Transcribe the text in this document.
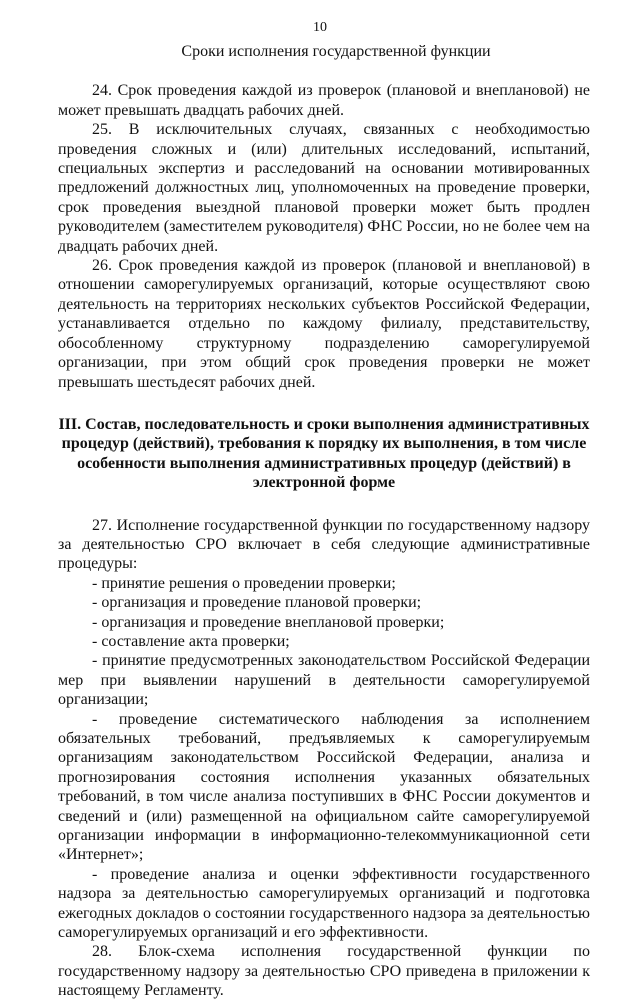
10

Сроки исполнения государственной функции

24. Срок проведения каждой из проверок (плановой и внеплановой) не может превышать двадцать рабочих дней.

25. В исключительных случаях, связанных с необходимостью проведения сложных и (или) длительных исследований, испытаний, специальных экспертиз и расследований на основании мотивированных предложений должностных лиц, уполномоченных на проведение проверки, срок проведения выездной плановой проверки может быть продлен руководителем (заместителем руководителя) ФНС России, но не более чем на двадцать рабочих дней.

26. Срок проведения каждой из проверок (плановой и внеплановой) в отношении саморегулируемых организаций, которые осуществляют свою деятельность на территориях нескольких субъектов Российской Федерации, устанавливается отдельно по каждому филиалу, представительству, обособленному структурному подразделению саморегулируемой организации, при этом общий срок проведения проверки не может превышать шестьдесят рабочих дней.

III. Состав, последовательность и сроки выполнения административных процедур (действий), требования к порядку их выполнения, в том числе особенности выполнения административных процедур (действий) в электронной форме

27. Исполнение государственной функции по государственному надзору за деятельностью СРО включает в себя следующие административные процедуры:

- принятие решения о проведении проверки;

- организация и проведение плановой проверки;

- организация и проведение внеплановой проверки;

- составление акта проверки;

- принятие предусмотренных законодательством Российской Федерации мер при выявлении нарушений в деятельности саморегулируемой организации;

- проведение систематического наблюдения за исполнением обязательных требований, предъявляемых к саморегулируемым организациям законодательством Российской Федерации, анализа и прогнозирования состояния исполнения указанных обязательных требований, в том числе анализа поступивших в ФНС России документов и сведений и (или) размещенной на официальном сайте саморегулируемой организации информации в информационно-телекоммуникационной сети «Интернет»;

- проведение анализа и оценки эффективности государственного надзора за деятельностью саморегулируемых организаций и подготовка ежегодных докладов о состоянии государственного надзора за деятельностью саморегулируемых организаций и его эффективности.

28. Блок-схема исполнения государственной функции по государственному надзору за деятельностью СРО приведена в приложении к настоящему Регламенту.
